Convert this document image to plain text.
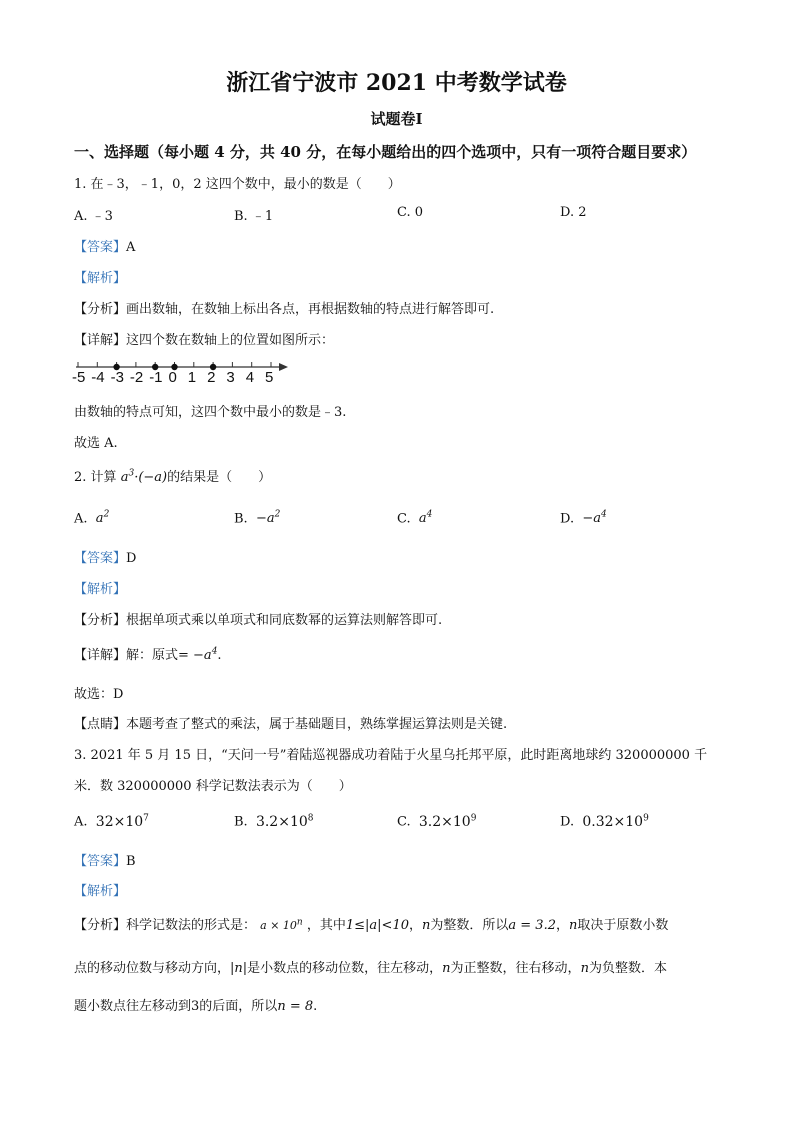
浙江省宁波市 2021 中考数学试卷
试题卷Ⅰ
一、选择题（每小题 4 分，共 40 分，在每小题给出的四个选项中，只有一项符合题目要求）
1. 在﹣3，﹣1，0，2 这四个数中，最小的数是（　　）
A. ﹣3	B. ﹣1	C. 0	D. 2
【答案】A
【解析】
【分析】画出数轴，在数轴上标出各点，再根据数轴的特点进行解答即可.
【详解】这四个数在数轴上的位置如图所示：
-5 -4 -3 -2 -1 0 1 2 3 4 5
由数轴的特点可知，这四个数中最小的数是﹣3.
故选 A.
2. 计算 $a^3\cdot(-a)$的结果是（　　）
A. $a^2$	B. $-a^2$	C. $a^4$	D. $-a^4$
【答案】D
【解析】
【分析】根据单项式乘以单项式和同底数幂的运算法则解答即可.
【详解】解：原式= $-a^4$.
故选：D
【点睛】本题考查了整式的乘法，属于基础题目，熟练掌握运算法则是关键.
3. 2021 年 5 月 15 日，“天问一号”着陆巡视器成功着陆于火星乌托邦平原，此时距离地球约 320000000 千
米．数 320000000 科学记数法表示为（　　）
A. $32\times 10^7$	B. $3.2\times 10^8$	C. $3.2\times 10^9$	D. $0.32\times 10^9$
【答案】B
【解析】
【分析】科学记数法的形式是： $a \times 10^n$ ，其中1≤|a|<10，n为整数．所以a = 3.2，n取决于原数小数
点的移动位数与移动方向，|n|是小数点的移动位数，往左移动，n为正整数，往右移动，n为负整数．本
题小数点往左移动到3的后面，所以n = 8.
